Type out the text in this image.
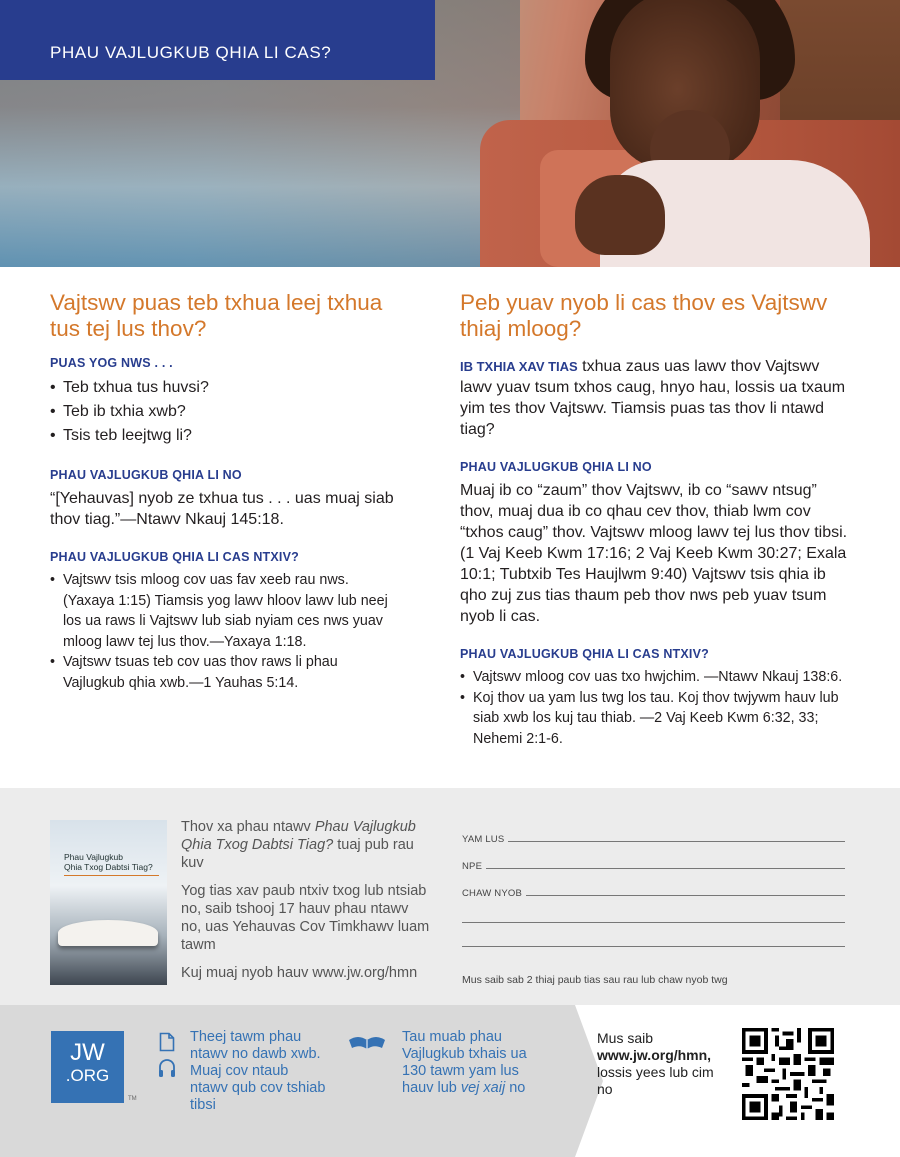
PHAU VAJLUGKUB QHIA LI CAS?
Vajtswv puas teb txhua leej txhua tus tej lus thov?
PUAS YOG NWS . . .
• Teb txhua tus huvsi?
• Teb ib txhia xwb?
• Tsis teb leejtwg li?
PHAU VAJLUGKUB QHIA LI NO

“[Yehauvas] nyob ze txhua tus . . . uas muaj siab thov tiag.”—Ntawv Nkauj 145:18.

PHAU VAJLUGKUB QHIA LI CAS NTXIV?
• Vajtswv tsis mloog cov uas fav xeeb rau nws. (Yaxaya 1:15) Tiamsis yog lawv hloov lawv lub neej los ua raws li Vajtswv lub siab nyiam ces nws yuav mloog lawv tej lus thov.—Yaxaya 1:18.
• Vajtswv tsuas teb cov uas thov raws li phau Vajlugkub qhia xwb.—1 Yauhas 5:14.
Peb yuav nyob li cas thov es Vajtswv thiaj mloog?

IB TXHIA XAV TIAS txhua zaus uas lawv thov Vajtswv lawv yuav tsum txhos caug, hnyo hau, lossis ua txaum yim tes thov Vajtswv. Tiamsis puas tas thov li ntawd tiag?

PHAU VAJLUGKUB QHIA LI NO

Muaj ib co “zaum” thov Vajtswv, ib co “sawv ntsug” thov, muaj dua ib co qhau cev thov, thiab lwm cov “txhos caug” thov. Vajtswv mloog lawv tej lus thov tibsi. (1 Vaj Keeb Kwm 17:16; 2 Vaj Keeb Kwm 30:27; Exala 10:1; Tubtxib Tes Haujlwm 9:40) Vajtswv tsis qhia ib qho zuj zus tias thaum peb thov nws peb yuav tsum nyob li cas.

PHAU VAJLUGKUB QHIA LI CAS NTXIV?
• Vajtswv mloog cov uas txo hwjchim. —Ntawv Nkauj 138:6.
• Koj thov ua yam lus twg los tau. Koj thov twjywm hauv lub siab xwb los kuj tau thiab. —2 Vaj Keeb Kwm 6:32, 33; Nehemi 2:1-6.
Phau Vajlugkub
Qhia Txog Dabtsi Tiag?

Thov xa phau ntawv Phau Vajlugkub Qhia Txog Dabtsi Tiag? tuaj pub rau kuv

Yog tias xav paub ntxiv txog lub ntsiab no, saib tshooj 17 hauv phau ntawv no, uas Yehauvas Cov Timkhawv luam tawm

Kuj muaj nyob hauv www.jw.org/hmn

YAM LUS
NPE
CHAW NYOB
Mus saib sab 2 thiaj paub tias sau rau lub chaw nyob twg
JW
.ORG
TM
Theej tawm phau ntawv no dawb xwb. Muaj cov ntaub ntawv qub cov tshiab tibsi
Tau muab phau Vajlugkub txhais ua 130 tawm yam lus hauv lub vej xaij no
Mus saib
www.jw.org/hmn,
lossis yees lub cim no
